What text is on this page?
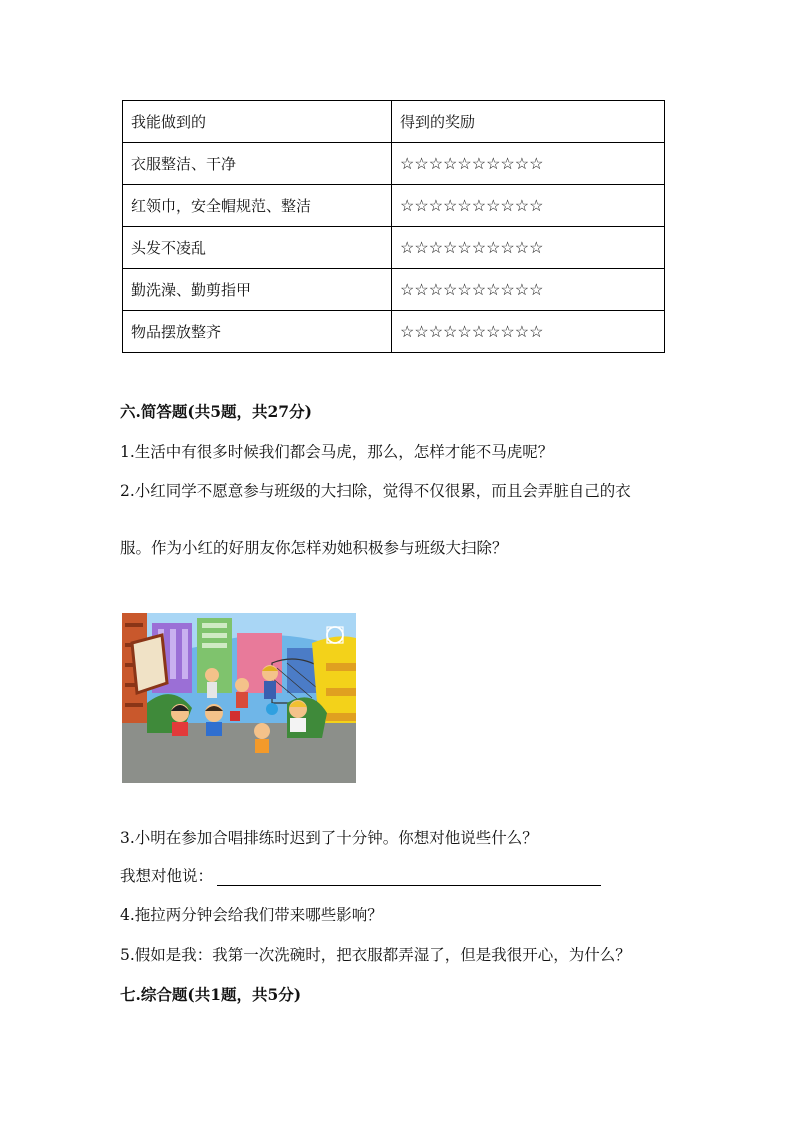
我能做到的	得到的奖励
衣服整洁、干净	☆☆☆☆☆☆☆☆☆☆
红领巾，安全帽规范、整洁	☆☆☆☆☆☆☆☆☆☆
头发不凌乱	☆☆☆☆☆☆☆☆☆☆
勤洗澡、勤剪指甲	☆☆☆☆☆☆☆☆☆☆
物品摆放整齐	☆☆☆☆☆☆☆☆☆☆
六.简答题(共5题，共27分)
1.生活中有很多时候我们都会马虎，那么，怎样才能不马虎呢？
2.小红同学不愿意参与班级的大扫除，觉得不仅很累，而且会弄脏自己的衣
服。作为小红的好朋友你怎样劝她积极参与班级大扫除？
3.小明在参加合唱排练时迟到了十分钟。你想对他说些什么？
我想对他说：
4.拖拉两分钟会给我们带来哪些影响？
5.假如是我：我第一次洗碗时，把衣服都弄湿了，但是我很开心，为什么？
七.综合题(共1题，共5分)
